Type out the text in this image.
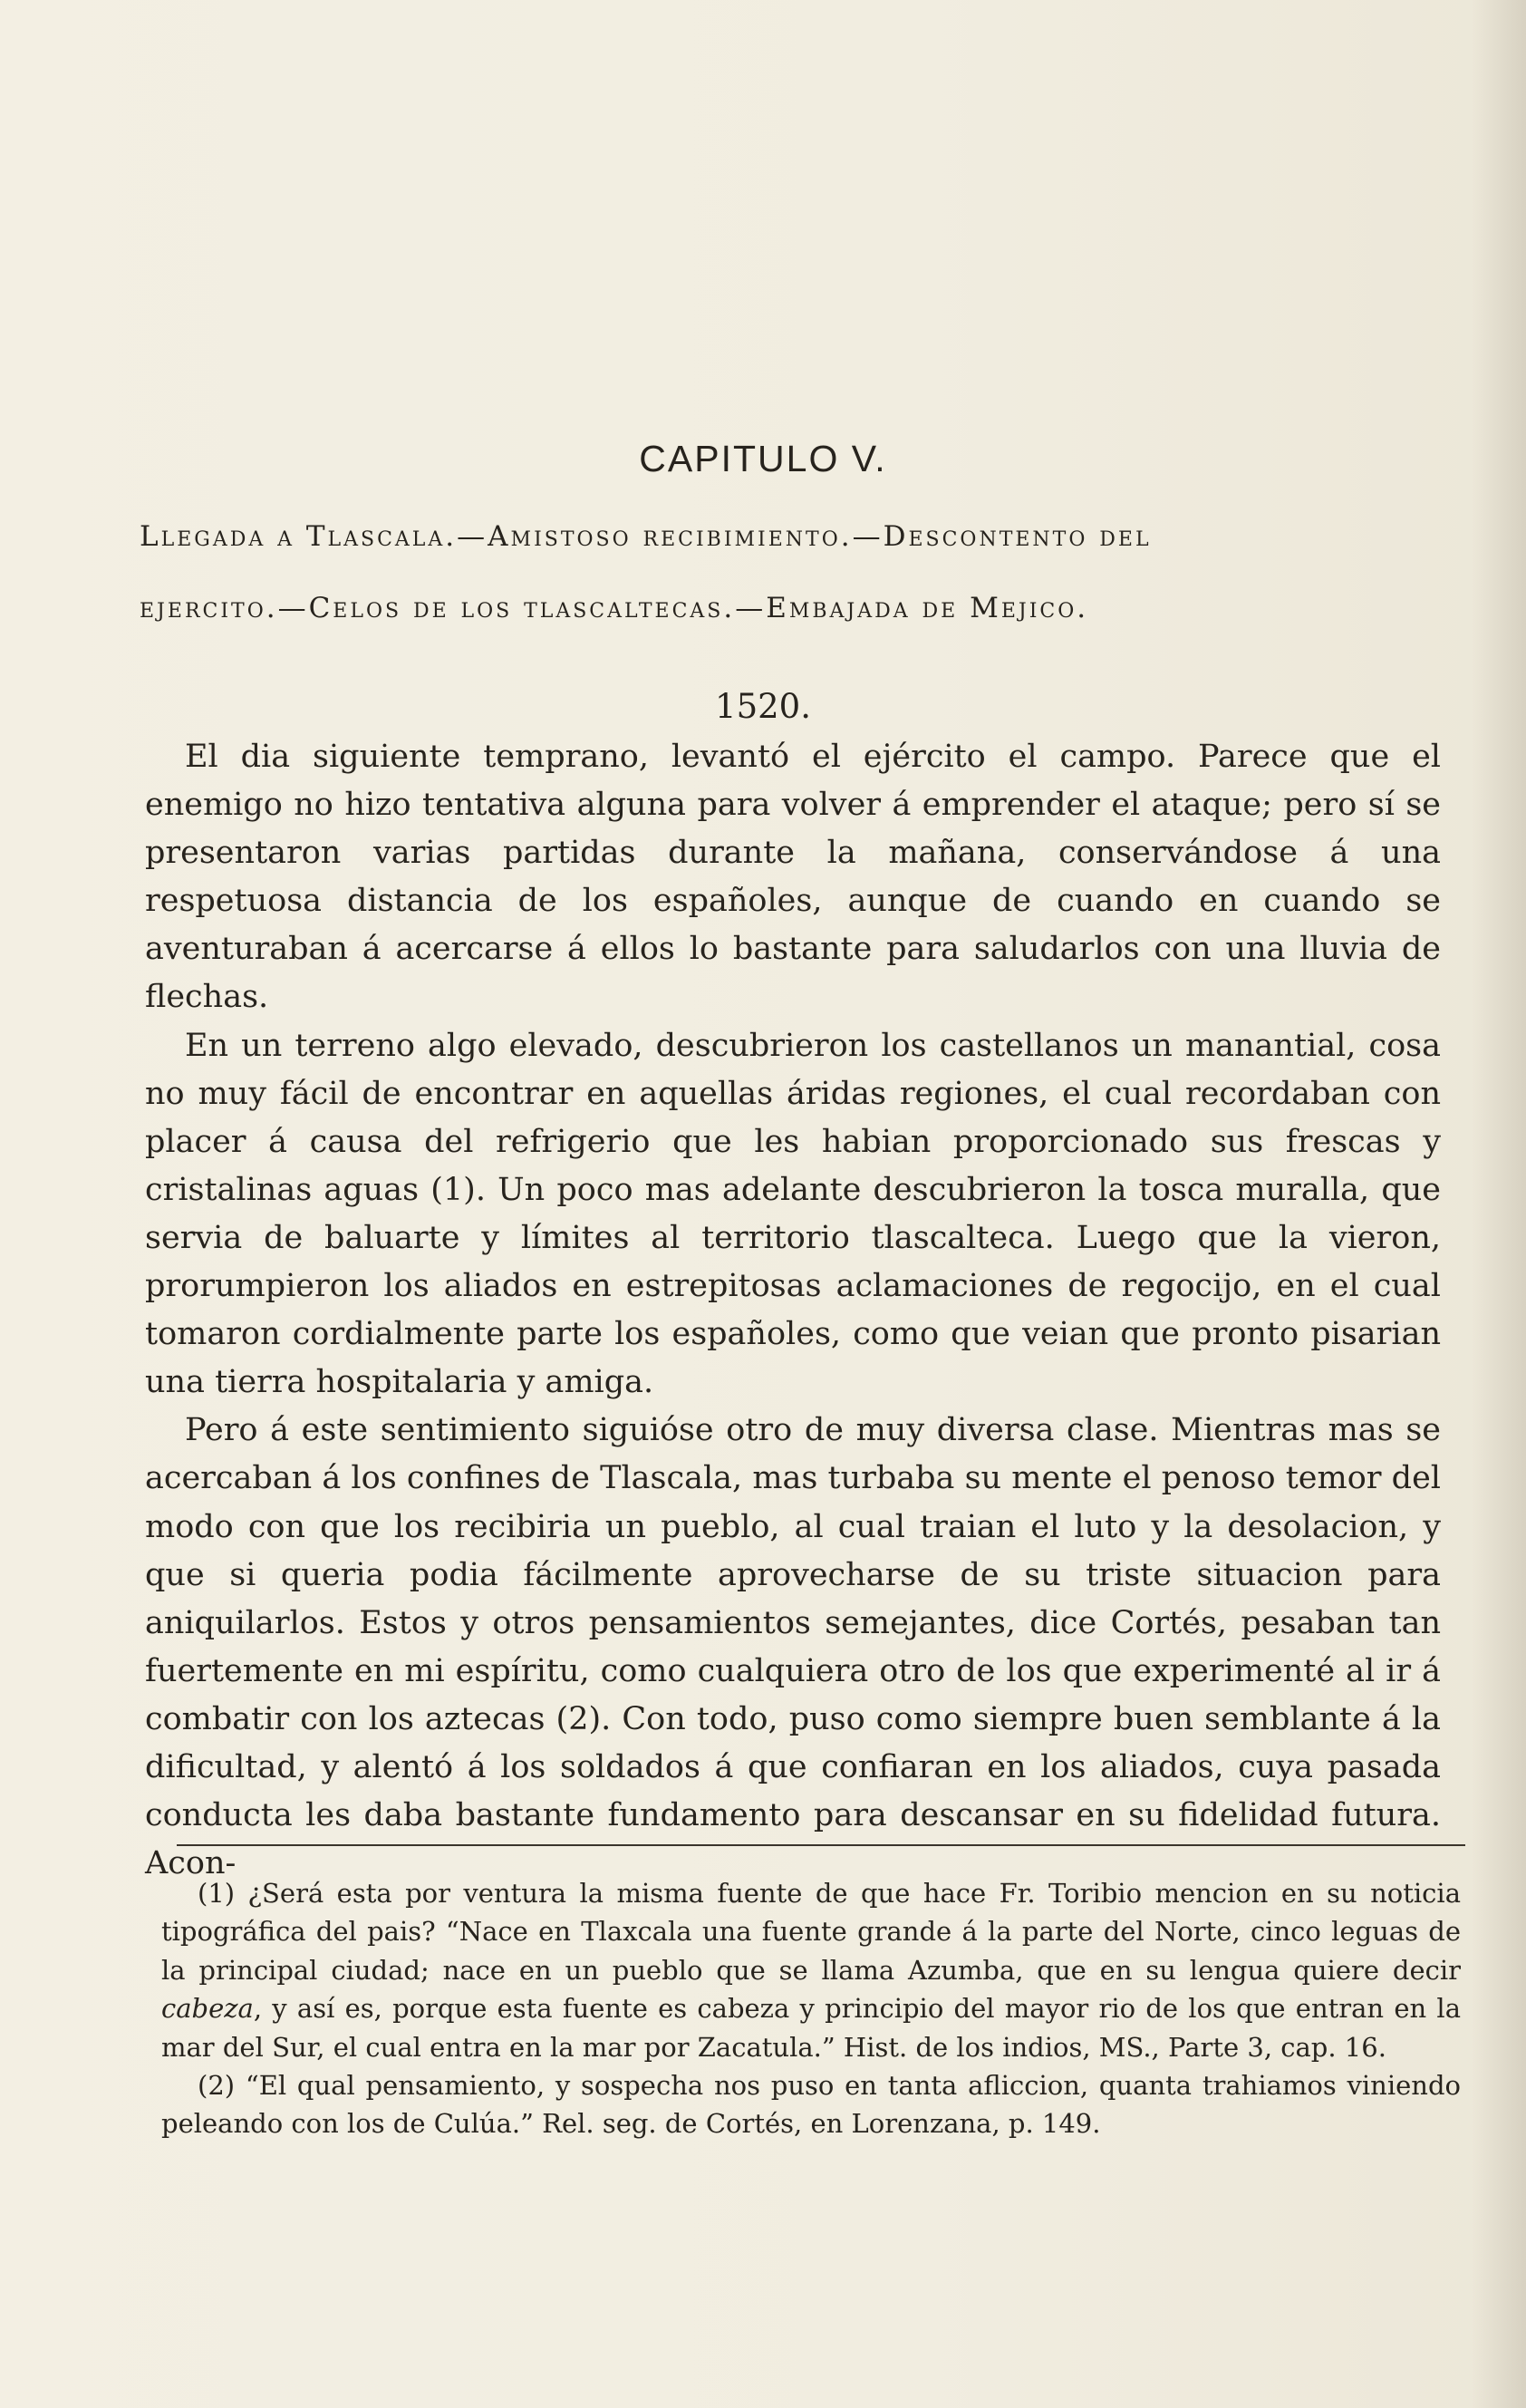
CAPITULO V.
Llegada a Tlascala.—Amistoso recibimiento.—Descontento del
ejercito.—Celos de los tlascaltecas.—Embajada de Mejico.
1520.

El dia siguiente temprano, levantó el ejército el campo. Parece que el enemigo no hizo tentativa alguna para volver á emprender el ataque; pero sí se presentaron varias partidas durante la mañana, conservándose á una respetuosa distancia de los españoles, aunque de cuando en cuando se aventuraban á acercarse á ellos lo bastante para saludarlos con una lluvia de flechas.

En un terreno algo elevado, descubrieron los castellanos un manantial, cosa no muy fácil de encontrar en aquellas áridas regiones, el cual recordaban con placer á causa del refrigerio que les habian proporcionado sus frescas y cristalinas aguas (1). Un poco mas adelante descubrieron la tosca muralla, que servia de baluarte y límites al territorio tlascalteca. Luego que la vieron, prorumpieron los aliados en estrepitosas aclamaciones de regocijo, en el cual tomaron cordialmente parte los españoles, como que veian que pronto pisarian una tierra hospitalaria y amiga.

Pero á este sentimiento siguióse otro de muy diversa clase. Mientras mas se acercaban á los confines de Tlascala, mas turbaba su mente el penoso temor del modo con que los recibiria un pueblo, al cual traian el luto y la desolacion, y que si queria podia fácilmente aprovecharse de su triste situacion para aniquilarlos. Estos y otros pensamientos semejantes, dice Cortés, pesaban tan fuertemente en mi espíritu, como cualquiera otro de los que experimenté al ir á combatir con los aztecas (2). Con todo, puso como siempre buen semblante á la dificultad, y alentó á los soldados á que confiaran en los aliados, cuya pasada conducta les daba bastante fundamento para descansar en su fidelidad futura. Acon-

(1) ¿Será esta por ventura la misma fuente de que hace Fr. Toribio mencion en su noticia tipográfica del pais? “Nace en Tlaxcala una fuente grande á la parte del Norte, cinco leguas de la principal ciudad; nace en un pueblo que se llama Azumba, que en su lengua quiere decir cabeza, y así es, porque esta fuente es cabeza y principio del mayor rio de los que entran en la mar del Sur, el cual entra en la mar por Zacatula.” Hist. de los indios, MS., Parte 3, cap. 16.

(2) “El qual pensamiento, y sospecha nos puso en tanta afliccion, quanta trahiamos viniendo peleando con los de Culúa.” Rel. seg. de Cortés, en Lorenzana, p. 149.
